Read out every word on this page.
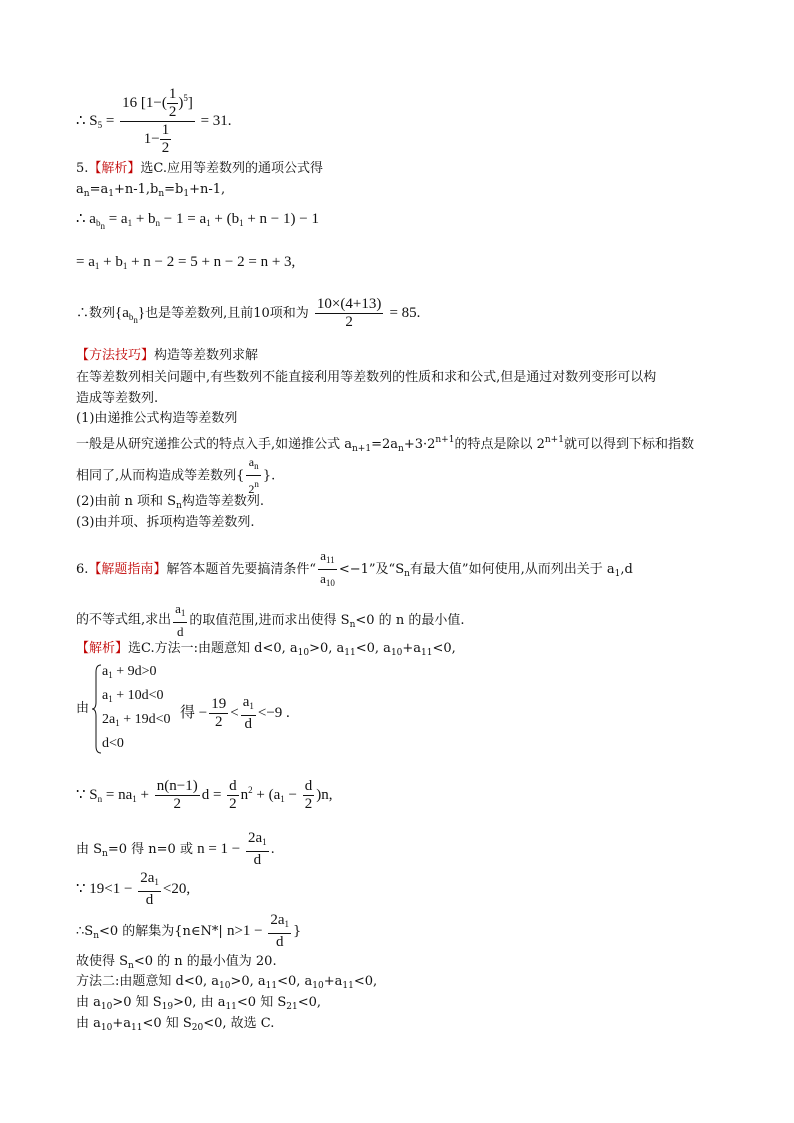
∴ $S_5 = \frac{16 [1-( \frac{1}{2} )^5]}{1- \frac{1}{2}} = 31$.
5.【解析】选C.应用等差数列的通项公式得
$a_n=a_1+n-1,b_n=b_1+n-1$,
∴ $a_{b_n} = a_1 + b_n - 1 = a_1 + (b_1 + n - 1) - 1$
= $a_1 + b_1 + n - 2 = 5 + n - 2 = n + 3$,
∴数列$\{a_{b_n}\}$也是等差数列,且前10项和为 $\frac{10\times(4+13)}{2} = 85$.
【方法技巧】构造等差数列求解
在等差数列相关问题中,有些数列不能直接利用等差数列的性质和求和公式,但是通过对数列变形可以构
造成等差数列.
(1)由递推公式构造等差数列
一般是从研究递推公式的特点入手,如递推公式 $a_{n+1}=2a_n+3\cdot 2^{n+1}$的特点是除以 $2^{n+1}$就可以得到下标和指数
相同了,从而构造成等差数列{ $\frac{a_n}{2^n}$ }.
(2)由前 n 项和 $S_n$构造等差数列.
(3)由并项、拆项构造等差数列.
6.【解题指南】解答本题首先要搞清条件“ $\frac{a_{11}}{a_{10}} <-1$”及“$S_n$有最大值”如何使用,从而列出关于 $a_1,d$
的不等式组,求出 $\frac{a_1}{d}$ 的取值范围,进而求出使得 $S_n<0$ 的 n 的最小值.
【解析】选C.方法一:由题意知 d<0, $a_{10}>0$, $a_{11}<0$, $a_{10}+a_{11}<0$,
由
$a_1 + 9d>0$
$a_1 + 10d<0$
$2a_1 + 19d<0$
d<0
得 − $\frac{19}{2} < \frac{a_1}{d} <-9$ .
∵ $S_n = na_1 + \frac{n(n-1)}{2}$ $d = \frac{d}{2} n^2 + (a_1 - \frac{d}{2} )n$,
由 $S_n=0$ 得 n=0 或 $n = 1 - \frac{2a_1}{d}$ .
∵ $19<1 - \frac{2a_1}{d} <20$,
$\therefore S_n<0$ 的解集为{n∈N*| $n>1 - \frac{2a_1}{d}$ }
故使得 $S_n<0$ 的 n 的最小值为 20.
方法二:由题意知 d<0, $a_{10}>0$, $a_{11}<0$, $a_{10}+a_{11}<0$,
由 $a_{10}>0$ 知 $S_{19}>0$, 由 $a_{11}<0$ 知 $S_{21}<0$,
由 $a_{10}+a_{11}<0$ 知 $S_{20}<0$, 故选 C.
